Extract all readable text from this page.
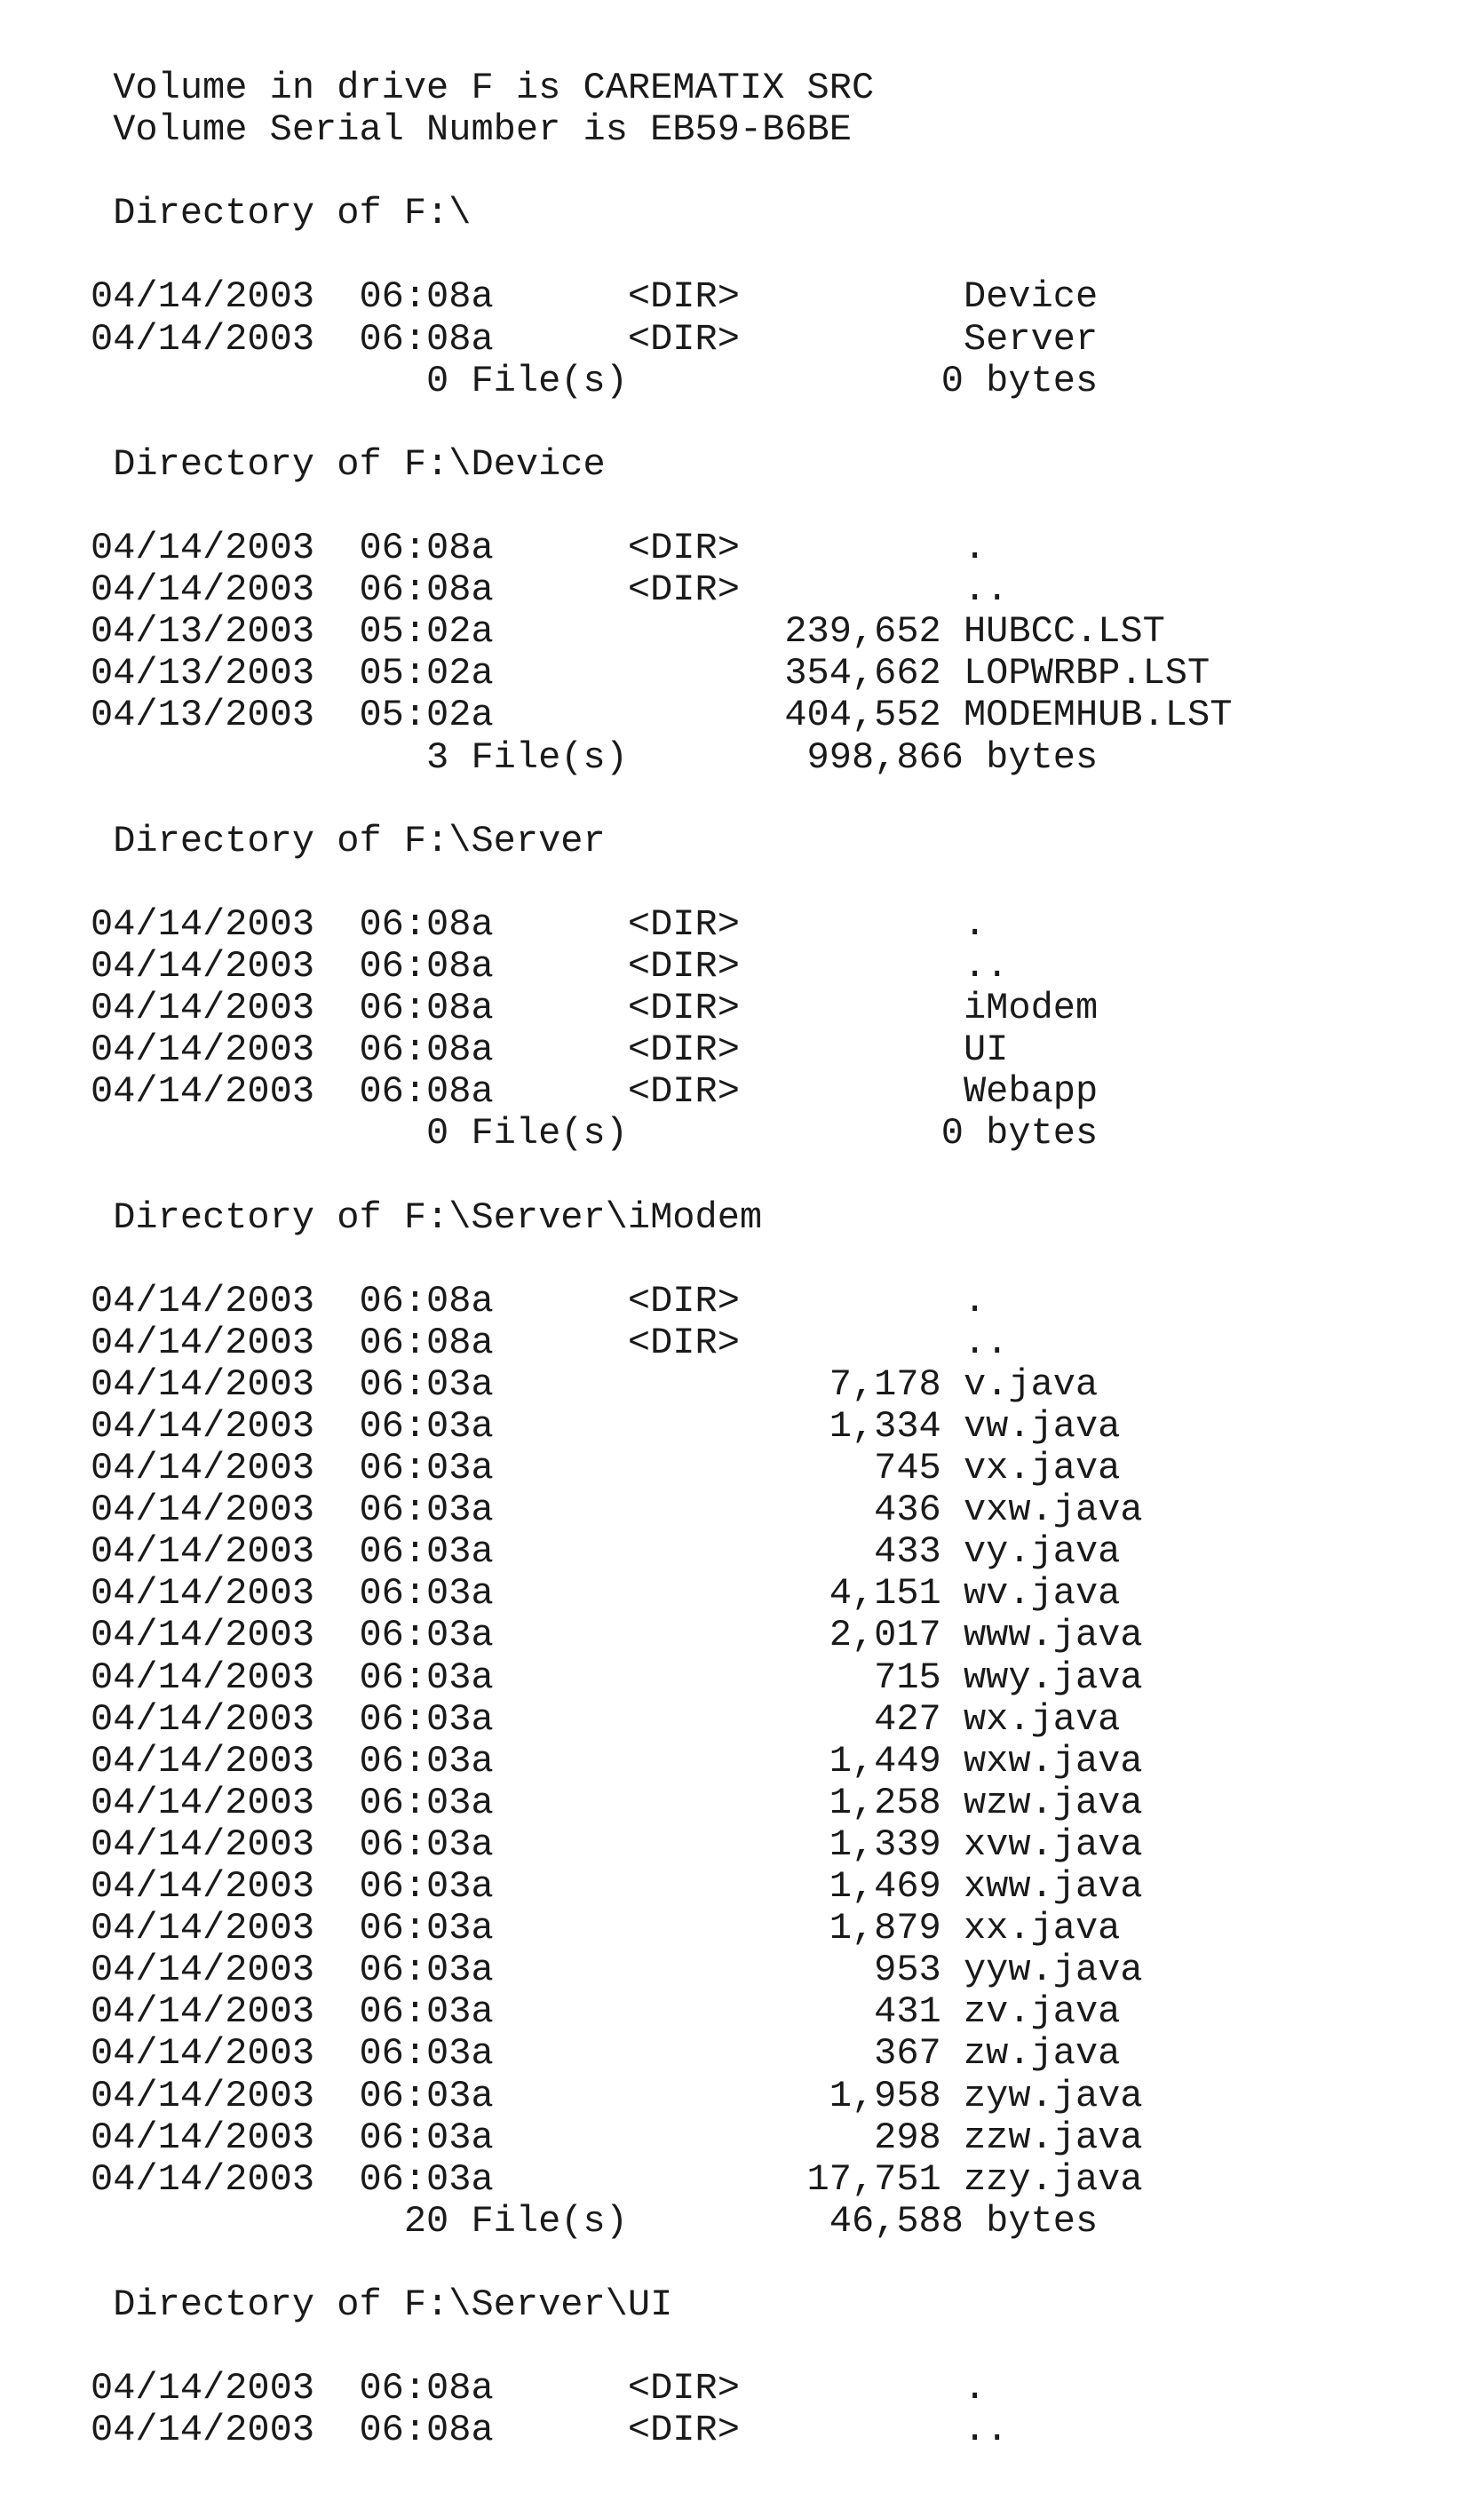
Volume in drive F is CAREMATIX SRC
Volume Serial Number is EB59-B6BE
Directory of F:\
04/14/2003 06:08a	<DIR>	Device
04/14/2003 06:08a	<DIR>	Server
0 File(s)	0 bytes
Directory of F:\Device
04/14/2003 06:08a	<DIR>	.
04/14/2003 06:08a	<DIR>	..
04/13/2003 05:02a	239,652 HUBCC.LST
04/13/2003 05:02a	354,662 LOPWRBP.LST
04/13/2003 05:02a	404,552 MODEMHUB.LST
3 File(s)	998,866 bytes
Directory of F:\Server
04/14/2003 06:08a	<DIR>	.
04/14/2003 06:08a	<DIR>	..
04/14/2003 06:08a	<DIR>	iModem
04/14/2003 06:08a	<DIR>	UI
04/14/2003 06:08a	<DIR>	Webapp
0 File(s)	0 bytes
Directory of F:\Server\iModem
04/14/2003 06:08a	<DIR>	.
04/14/2003 06:08a	<DIR>	..
04/14/2003 06:03a	7,178 v.java
04/14/2003 06:03a	1,334 vw.java
04/14/2003 06:03a	745 vx.java
04/14/2003 06:03a	436 vxw.java
04/14/2003 06:03a	433 vy.java
04/14/2003 06:03a	4,151 wv.java
04/14/2003 06:03a	2,017 www.java
04/14/2003 06:03a	715 wwy.java
04/14/2003 06:03a	427 wx.java
04/14/2003 06:03a	1,449 wxw.java
04/14/2003 06:03a	1,258 wzw.java
04/14/2003 06:03a	1,339 xvw.java
04/14/2003 06:03a	1,469 xww.java
04/14/2003 06:03a	1,879 xx.java
04/14/2003 06:03a	953 yyw.java
04/14/2003 06:03a	431 zv.java
04/14/2003 06:03a	367 zw.java
04/14/2003 06:03a	1,958 zyw.java
04/14/2003 06:03a	298 zzw.java
04/14/2003 06:03a	17,751 zzy.java
20 File(s)	46,588 bytes
Directory of F:\Server\UI
04/14/2003 06:08a	<DIR>	.
04/14/2003 06:08a	<DIR>	..
